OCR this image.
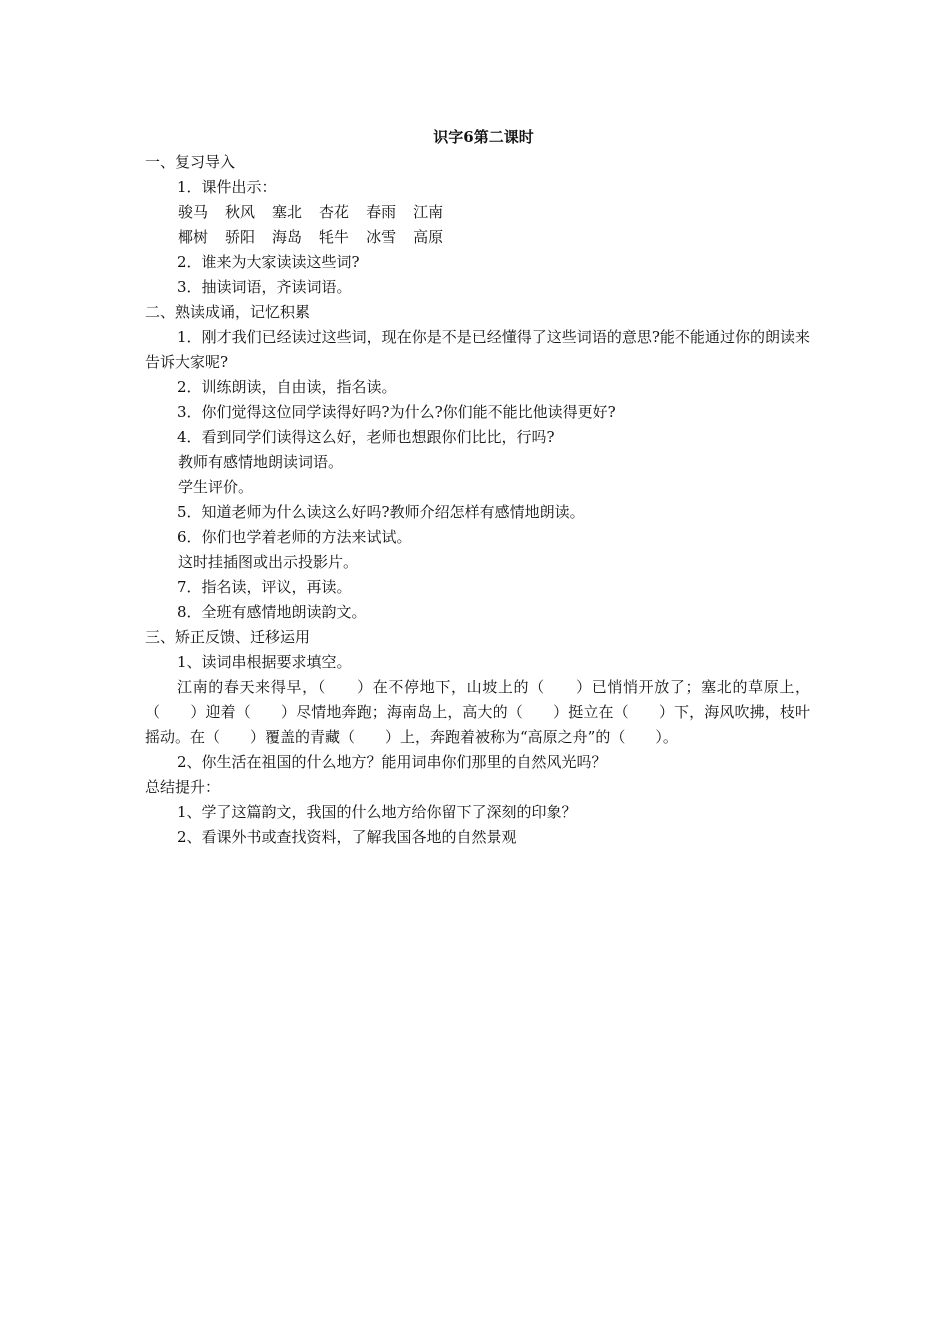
识字6第二课时
一、复习导入
1．课件出示：
骏马 秋风 塞北 杏花 春雨 江南
椰树 骄阳 海岛 牦牛 冰雪 高原
2．谁来为大家读读这些词?
3．抽读词语，齐读词语。
二、熟读成诵，记忆积累
1．刚才我们已经读过这些词，现在你是不是已经懂得了这些词语的意思?能不能通过你的朗读来告诉大家呢?
2．训练朗读，自由读，指名读。
3．你们觉得这位同学读得好吗?为什么?你们能不能比他读得更好?
4．看到同学们读得这么好，老师也想跟你们比比，行吗?
教师有感情地朗读词语。
学生评价。
5．知道老师为什么读这么好吗?教师介绍怎样有感情地朗读。
6．你们也学着老师的方法来试试。
这时挂插图或出示投影片。
7．指名读，评议，再读。
8．全班有感情地朗读韵文。
三、矫正反馈、迁移运用
1、读词串根据要求填空。
江南的春天来得早，（　　）在不停地下，山坡上的（　　）已悄悄开放了；塞北的草原上，（　　）迎着（　　）尽情地奔跑；海南岛上，高大的（　　）挺立在（　　）下，海风吹拂，枝叶摇动。在（　　）覆盖的青藏（　　）上，奔跑着被称为“高原之舟”的（　　）。
2、你生活在祖国的什么地方？能用词串你们那里的自然风光吗？
总结提升：
1、学了这篇韵文，我国的什么地方给你留下了深刻的印象？
2、看课外书或查找资料，了解我国各地的自然景观
